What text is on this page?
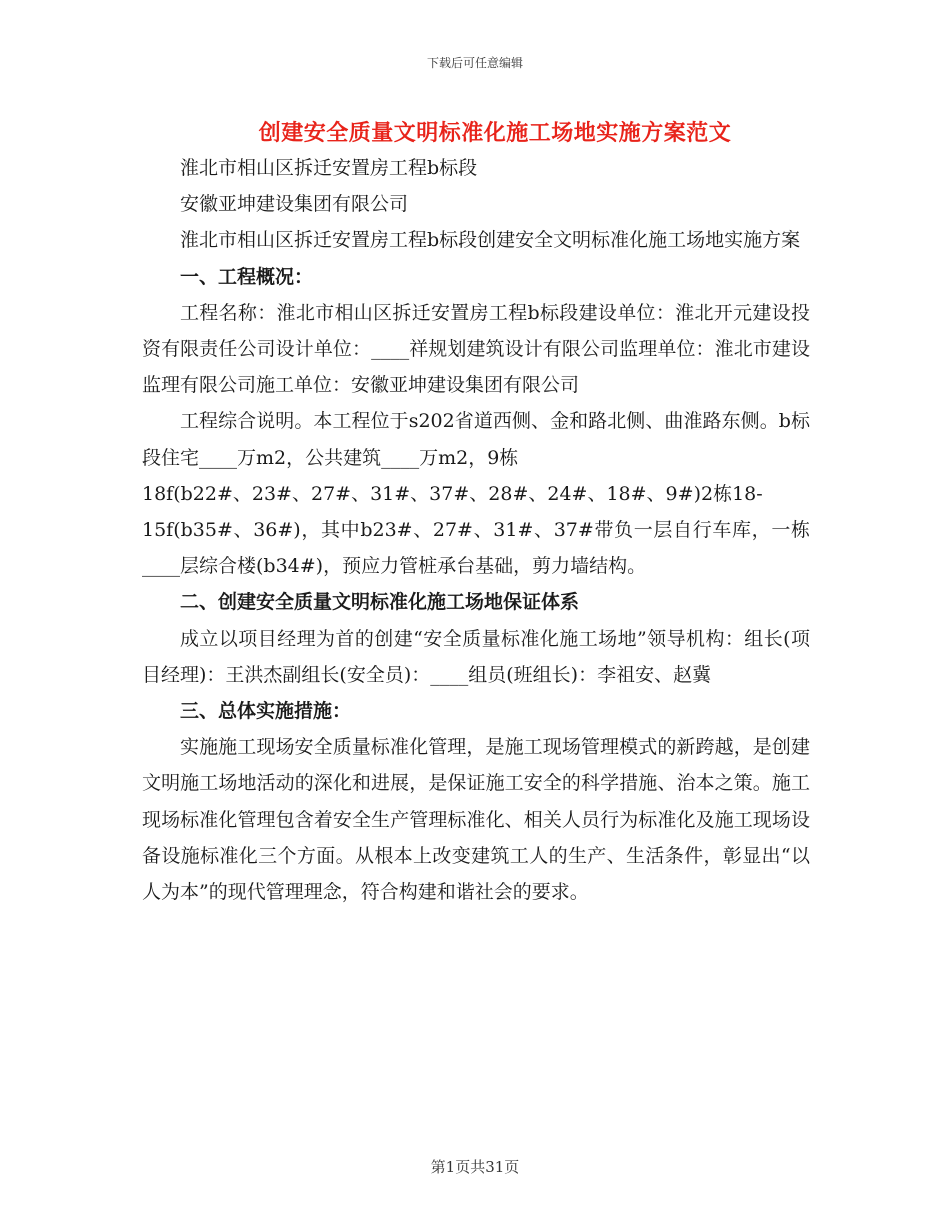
下载后可任意编辑
创建安全质量文明标准化施工场地实施方案范文

淮北市相山区拆迁安置房工程b标段

安徽亚坤建设集团有限公司

淮北市相山区拆迁安置房工程b标段创建安全文明标准化施工场地实施方案

一、工程概况：

工程名称：淮北市相山区拆迁安置房工程b标段建设单位：淮北开元建设投资有限责任公司设计单位：____祥规划建筑设计有限公司监理单位：淮北市建设监理有限公司施工单位：安徽亚坤建设集团有限公司

工程综合说明。本工程位于s202省道西侧、金和路北侧、曲淮路东侧。b标段住宅____万m2，公共建筑____万m2，9栋
18f(b22#、23#、27#、31#、37#、28#、24#、18#、9#)2栋18-
15f(b35#、36#)，其中b23#、27#、31#、37#带负一层自行车库，一栋____层综合楼(b34#)，预应力管桩承台基础，剪力墙结构。

二、创建安全质量文明标准化施工场地保证体系

成立以项目经理为首的创建“安全质量标准化施工场地”领导机构：组长(项目经理)：王洪杰副组长(安全员)：____组员(班组长)：李祖安、赵冀

三、总体实施措施：

实施施工现场安全质量标准化管理，是施工现场管理模式的新跨越，是创建文明施工场地活动的深化和进展，是保证施工安全的科学措施、治本之策。施工现场标准化管理包含着安全生产管理标准化、相关人员行为标准化及施工现场设备设施标准化三个方面。从根本上改变建筑工人的生产、生活条件，彰显出“以人为本”的现代管理理念，符合构建和谐社会的要求。

第1页共31页
